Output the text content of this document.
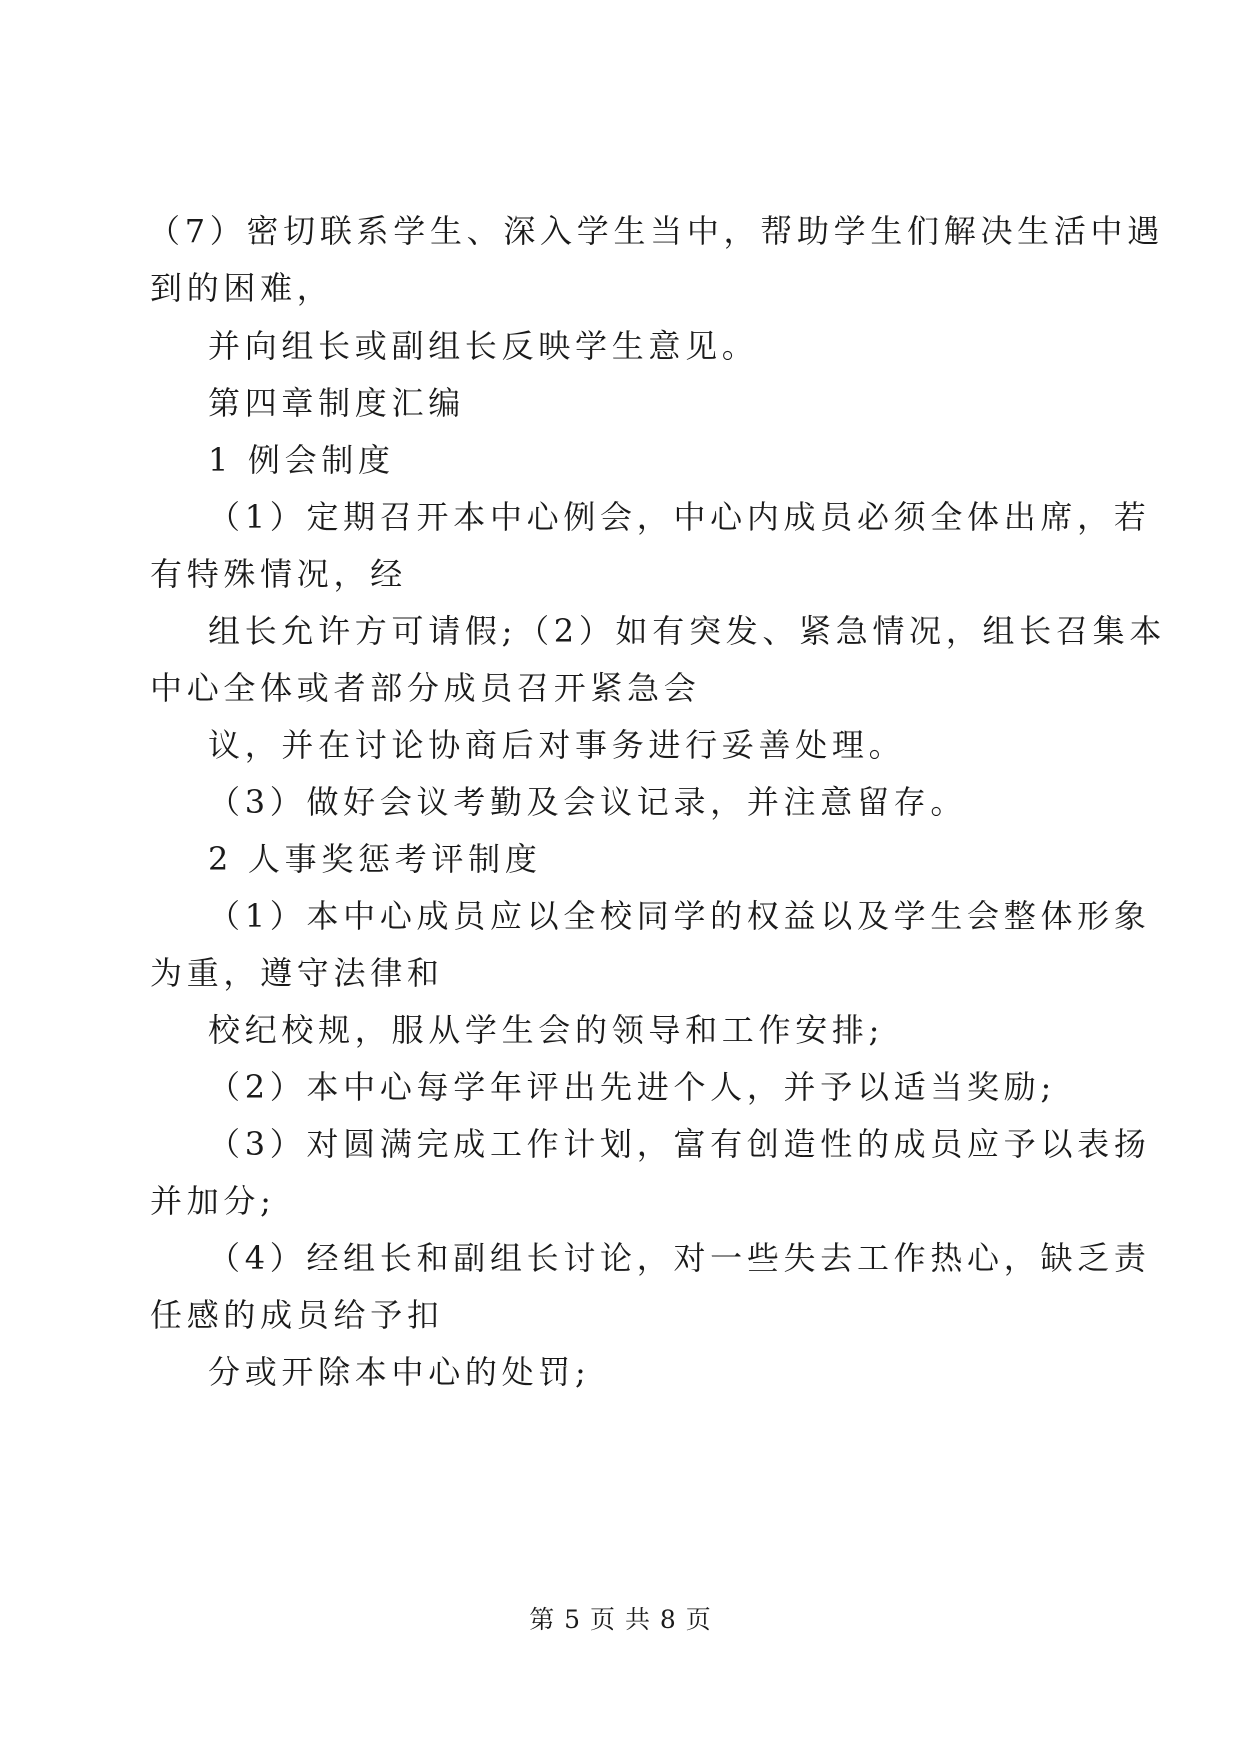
（7）密切联系学生、深入学生当中，帮助学生们解决生活中遇
到的困难，
并向组长或副组长反映学生意见。
第四章制度汇编
1 例会制度
（1）定期召开本中心例会，中心内成员必须全体出席，若
有特殊情况，经
组长允许方可请假;（2）如有突发、紧急情况，组长召集本
中心全体或者部分成员召开紧急会
议，并在讨论协商后对事务进行妥善处理。
（3）做好会议考勤及会议记录，并注意留存。
2 人事奖惩考评制度
（1）本中心成员应以全校同学的权益以及学生会整体形象
为重，遵守法律和
校纪校规，服从学生会的领导和工作安排;
（2）本中心每学年评出先进个人，并予以适当奖励;
（3）对圆满完成工作计划，富有创造性的成员应予以表扬
并加分;
（4）经组长和副组长讨论，对一些失去工作热心，缺乏责
任感的成员给予扣
分或开除本中心的处罚;
第 5 页 共 8 页
